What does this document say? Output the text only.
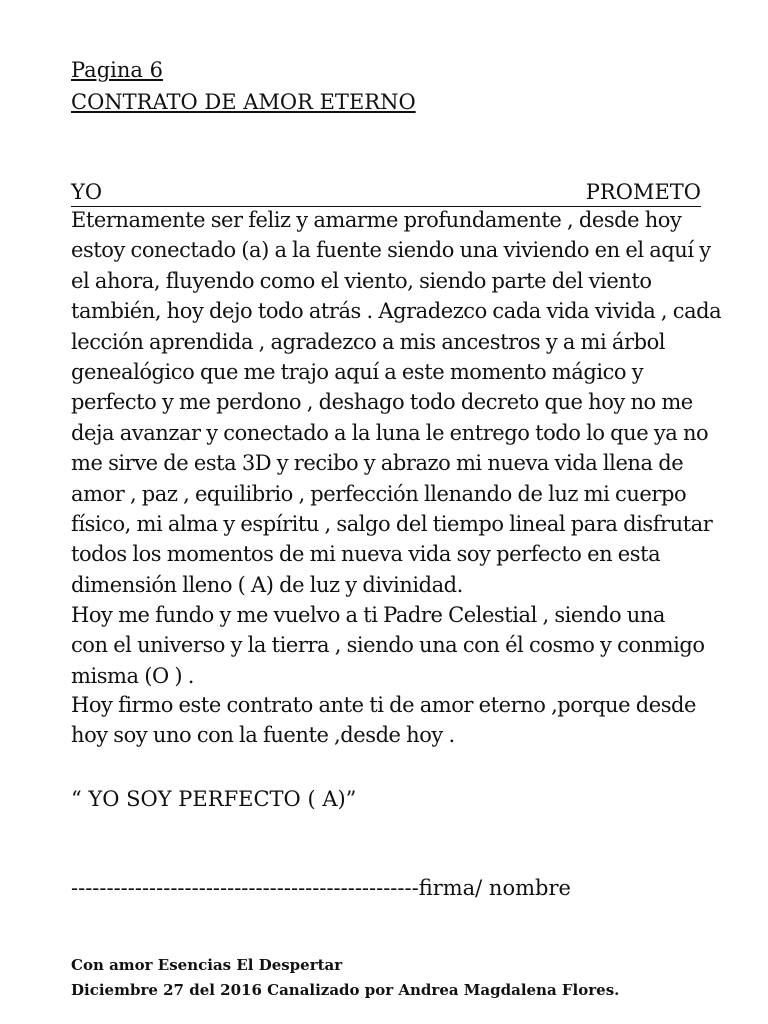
Pagina 6
CONTRATO DE AMOR ETERNO
YO	PROMETO

Eternamente ser feliz y amarme profundamente , desde hoy
estoy conectado (a) a la fuente siendo una viviendo en el aquí y
el ahora, fluyendo como el viento, siendo parte del viento
también, hoy dejo todo atrás . Agradezco cada vida vivida , cada
lección aprendida , agradezco a mis ancestros y a mi árbol
genealógico que me trajo aquí a este momento mágico y
perfecto y me perdono , deshago todo decreto que hoy no me
deja avanzar y conectado a la luna le entrego todo lo que ya no
me sirve de esta 3D y recibo y abrazo mi nueva vida llena de
amor , paz , equilibrio , perfección llenando de luz mi cuerpo
físico, mi alma y espíritu , salgo del tiempo lineal para disfrutar
todos los momentos de mi nueva vida soy perfecto en esta
dimensión lleno ( A) de luz y divinidad.

Hoy me fundo y me vuelvo a ti Padre Celestial , siendo una
con el universo y la tierra , siendo una con él cosmo y conmigo
misma (O ) .

Hoy firmo este contrato ante ti de amor eterno ,porque desde
hoy soy uno con la fuente ,desde hoy .

“ YO SOY PERFECTO ( A)”
-------------------------------------------------firma/ nombre
Con amor Esencias El Despertar
Diciembre 27 del 2016 Canalizado por Andrea Magdalena Flores.
